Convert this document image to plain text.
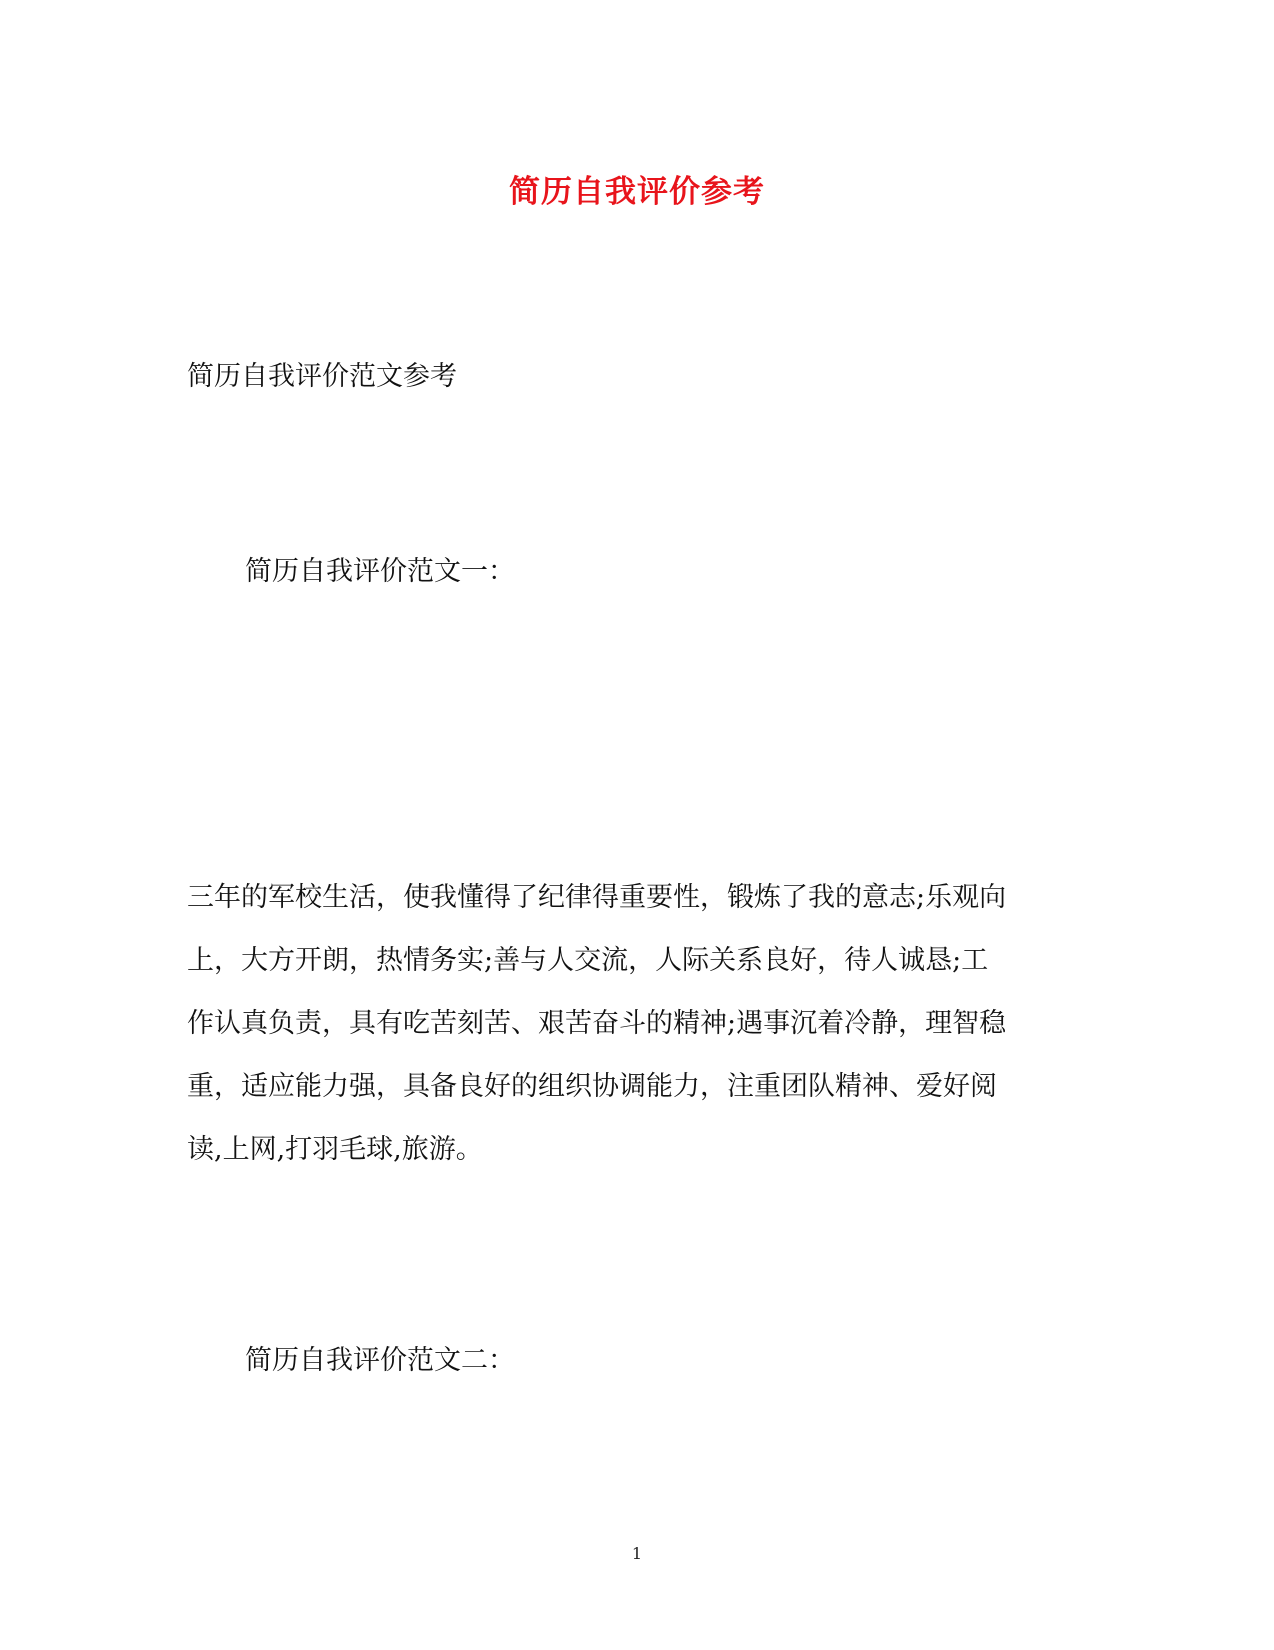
简历自我评价参考
简历自我评价范文参考
简历自我评价范文一：
三年的军校生活，使我懂得了纪律得重要性，锻炼了我的意志;乐观向
上，大方开朗，热情务实;善与人交流，人际关系良好，待人诚恳;工
作认真负责，具有吃苦刻苦、艰苦奋斗的精神;遇事沉着冷静，理智稳
重，适应能力强，具备良好的组织协调能力，注重团队精神、爱好阅
读,上网,打羽毛球,旅游。
简历自我评价范文二：
1
